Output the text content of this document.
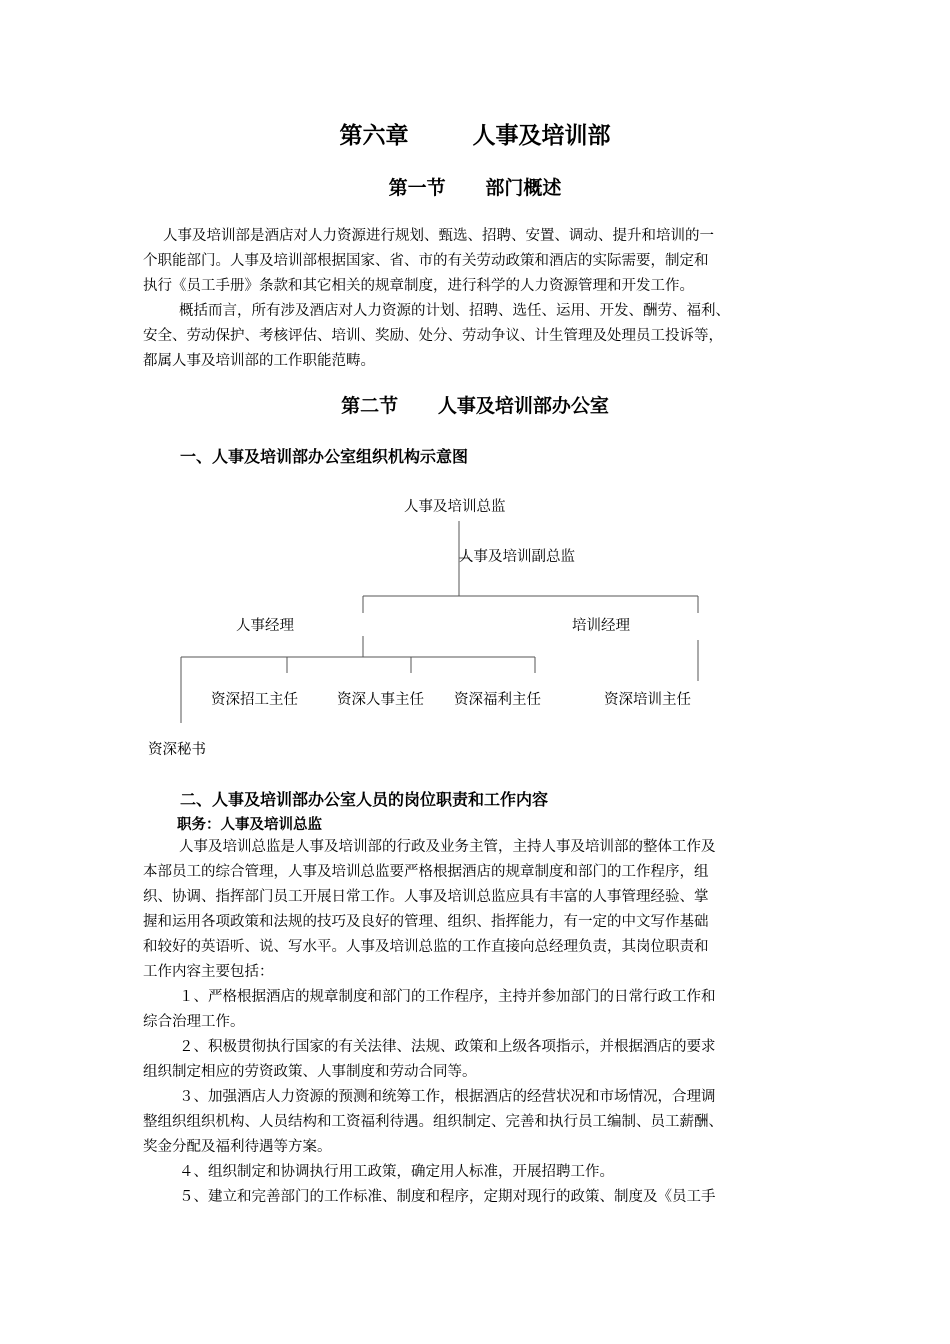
第六章        人事及培训部
第一节      部门概述
人事及培训部是酒店对人力资源进行规划、甄选、招聘、安置、调动、提升和培训的一
个职能部门。人事及培训部根据国家、省、市的有关劳动政策和酒店的实际需要，制定和
执行《员工手册》条款和其它相关的规章制度，进行科学的人力资源管理和开发工作。
概括而言，所有涉及酒店对人力资源的计划、招聘、选任、运用、开发、酬劳、福利、
安全、劳动保护、考核评估、培训、奖励、处分、劳动争议、计生管理及处理员工投诉等，
都属人事及培训部的工作职能范畴。
第二节      人事及培训部办公室
一、人事及培训部办公室组织机构示意图
人事及培训总监
人事及培训副总监
人事经理	培训经理
资深招工主任	资深人事主任 资深福利主任	资深培训主任
资深秘书
二、人事及培训部办公室人员的岗位职责和工作内容
职务：人事及培训总监
人事及培训总监是人事及培训部的行政及业务主管，主持人事及培训部的整体工作及
本部员工的综合管理，人事及培训总监要严格根据酒店的规章制度和部门的工作程序，组
织、协调、指挥部门员工开展日常工作。人事及培训总监应具有丰富的人事管理经验、掌
握和运用各项政策和法规的技巧及良好的管理、组织、指挥能力，有一定的中文写作基础
和较好的英语听、说、写水平。人事及培训总监的工作直接向总经理负责，其岗位职责和
工作内容主要包括：
１、严格根据酒店的规章制度和部门的工作程序，主持并参加部门的日常行政工作和
综合治理工作。
２、积极贯彻执行国家的有关法律、法规、政策和上级各项指示，并根据酒店的要求
组织制定相应的劳资政策、人事制度和劳动合同等。
３、加强酒店人力资源的预测和统筹工作，根据酒店的经营状况和市场情况，合理调
整组织组织机构、人员结构和工资福利待遇。组织制定、完善和执行员工编制、员工薪酬、
奖金分配及福利待遇等方案。
４、组织制定和协调执行用工政策，确定用人标准，开展招聘工作。
５、建立和完善部门的工作标准、制度和程序，定期对现行的政策、制度及《员工手
